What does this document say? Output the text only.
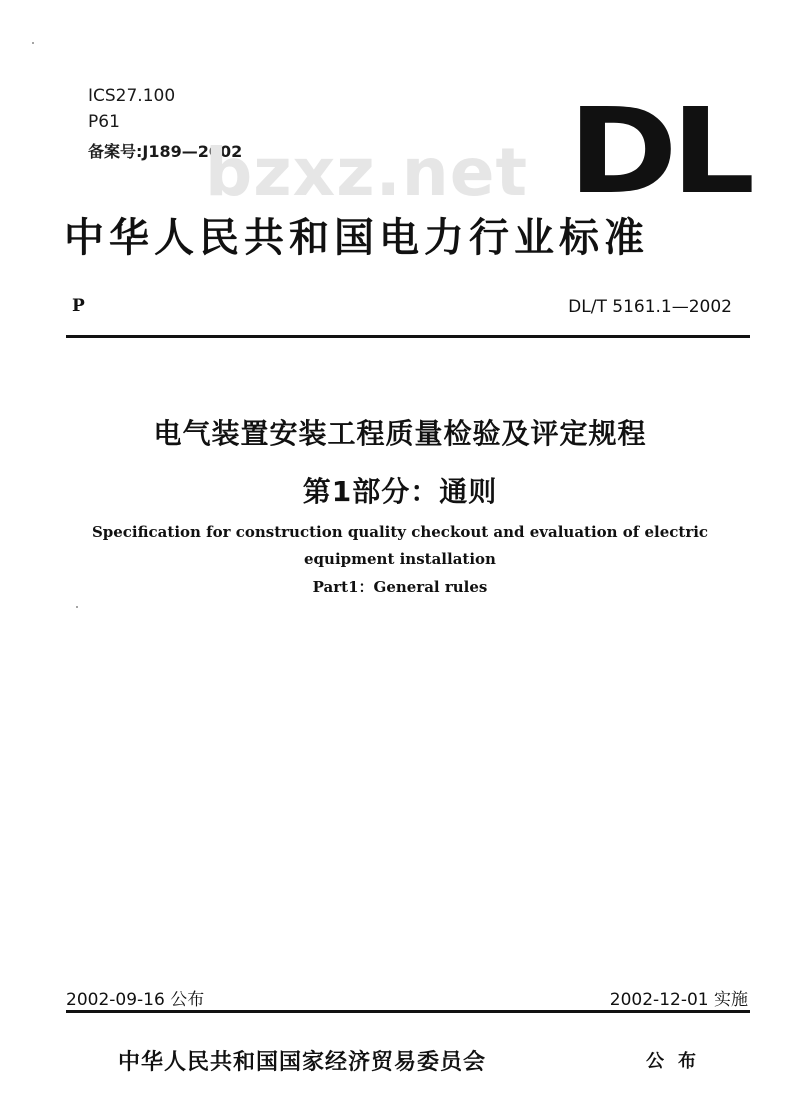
ICS27.100
P61
备案号:J189—2002
bzxz.net DL
中华人民共和国电力行业标准
P	DL/T 5161.1—2002
电气装置安装工程质量检验及评定规程
第1部分：通则
Specification for construction quality checkout and evaluation of electric
equipment installation
Part1：General rules
2002-09-16 公布	2002-12-01 实施
中华人民共和国国家经济贸易委员会	公布
